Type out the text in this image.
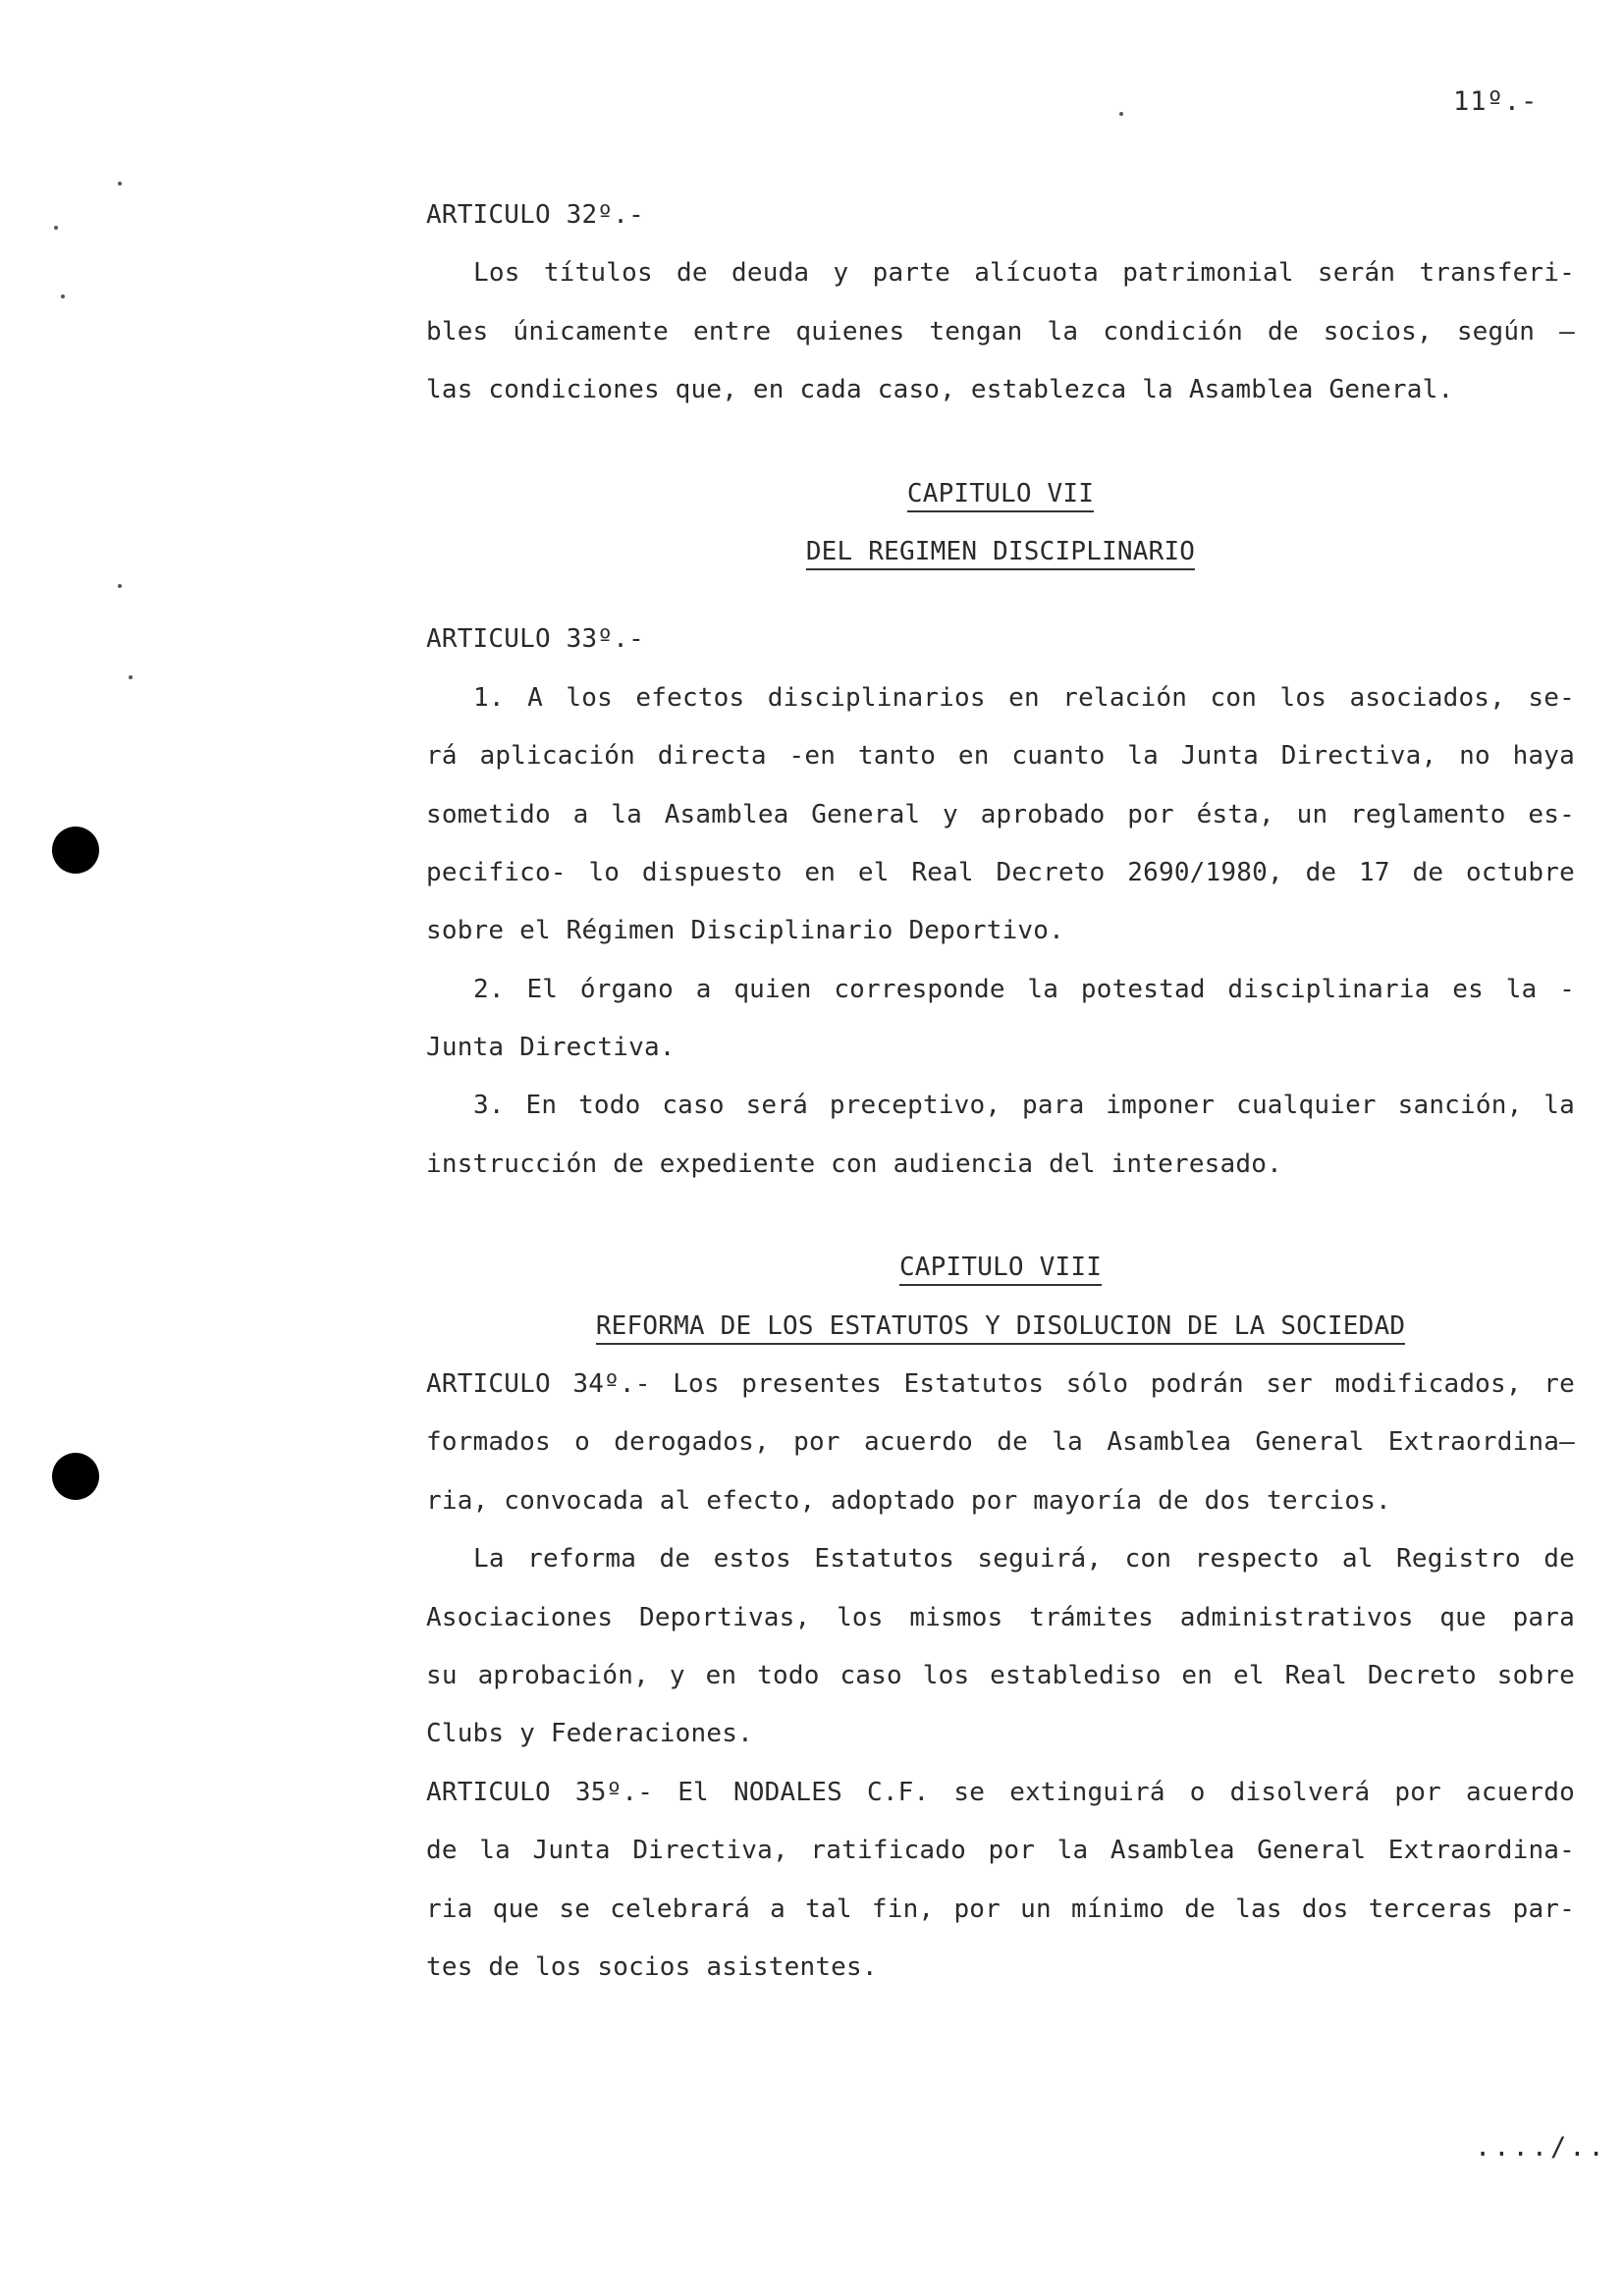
11º.-
ARTICULO 32º.-
Los títulos de deuda y parte alícuota patrimonial serán transferi-
bles únicamente entre quienes tengan la condición de socios, según —
las condiciones que, en cada caso, establezca la Asamblea General.
CAPITULO VII
DEL REGIMEN DISCIPLINARIO
ARTICULO 33º.-
1. A los efectos disciplinarios en relación con los asociados, se-
rá aplicación directa -en tanto en cuanto la Junta Directiva, no haya
sometido a la Asamblea General y aprobado por ésta, un reglamento es-
pecifico- lo dispuesto en el Real Decreto 2690/1980, de 17 de octubre
sobre el Régimen Disciplinario Deportivo.
2. El órgano a quien corresponde la potestad disciplinaria es la -
Junta Directiva.
3. En todo caso será preceptivo, para imponer cualquier sanción, la
instrucción de expediente con audiencia del interesado.
CAPITULO VIII
REFORMA DE LOS ESTATUTOS Y DISOLUCION DE LA SOCIEDAD
ARTICULO 34º.- Los presentes Estatutos sólo podrán ser modificados, re
formados o derogados, por acuerdo de la Asamblea General Extraordina—
ria, convocada al efecto, adoptado por mayoría de dos tercios.
La reforma de estos Estatutos seguirá, con respecto al Registro de
Asociaciones Deportivas, los mismos trámites administrativos que para
su aprobación, y en todo caso los establediso en el Real Decreto sobre
Clubs y Federaciones.
ARTICULO 35º.- El NODALES C.F. se extinguirá o disolverá por acuerdo
de la Junta Directiva, ratificado por la Asamblea General Extraordina-
ria que se celebrará a tal fin, por un mínimo de las dos terceras par-
tes de los socios asistentes.
..../..
